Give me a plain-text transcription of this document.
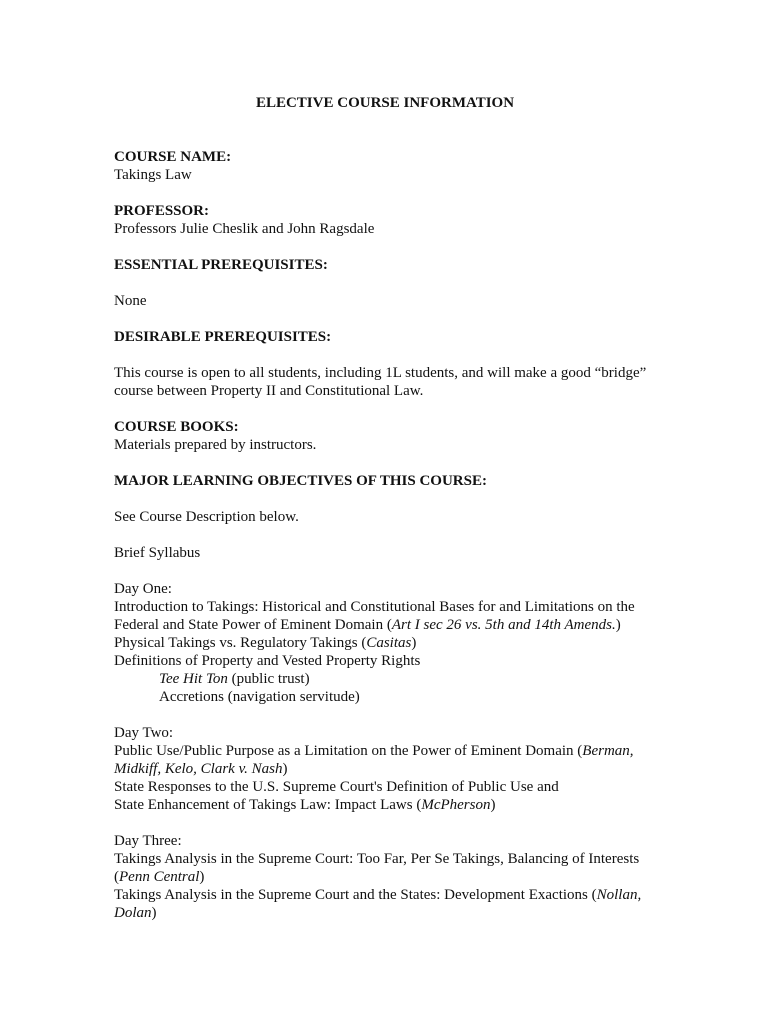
ELECTIVE COURSE INFORMATION

COURSE NAME:

Takings Law

PROFESSOR:

Professors Julie Cheslik and John Ragsdale

ESSENTIAL PREREQUISITES:

None

DESIRABLE PREREQUISITES:

This course is open to all students, including 1L students, and will make a good “bridge”

course between Property II and Constitutional Law.

COURSE BOOKS:

Materials prepared by instructors.

MAJOR LEARNING OBJECTIVES OF THIS COURSE:

See Course Description below.

Brief Syllabus

Day One:

Introduction to Takings: Historical and Constitutional Bases for and Limitations on the

Federal and State Power of Eminent Domain (Art I sec 26 vs. 5th and 14th Amends.)

Physical Takings vs. Regulatory Takings (Casitas)

Definitions of Property and Vested Property Rights

Tee Hit Ton (public trust)

Accretions (navigation servitude)

Day Two:

Public Use/Public Purpose as a Limitation on the Power of Eminent Domain (Berman,

Midkiff, Kelo, Clark v. Nash)

State Responses to the U.S. Supreme Court's Definition of Public Use and

State Enhancement of Takings Law: Impact Laws (McPherson)

Day Three:

Takings Analysis in the Supreme Court: Too Far, Per Se Takings, Balancing of Interests

(Penn Central)

Takings Analysis in the Supreme Court and the States: Development Exactions (Nollan,

Dolan)
